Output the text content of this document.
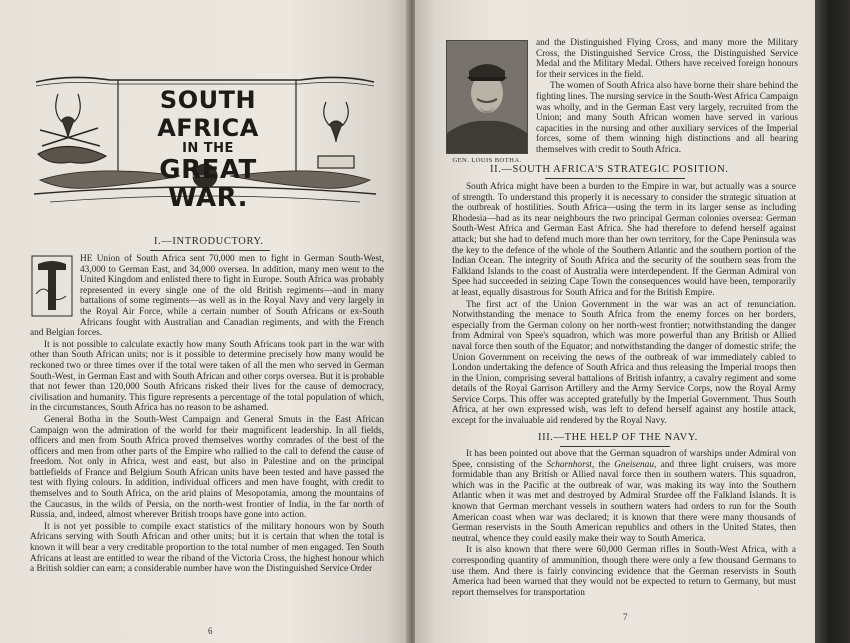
SOUTH AFRICA
IN THE
GREAT WAR.
I.—INTRODUCTORY.

HE Union of South Africa sent 70,000 men to fight in German South-West, 43,000 to German East, and 34,000 oversea. In addition, many men went to the United Kingdom and enlisted there to fight in Europe. South Africa was probably represented in every single one of the old British regiments—and in many battalions of some regiments—as well as in the Royal Navy and very largely in the Royal Air Force, while a certain number of South Africans or ex-South Africans fought with Australian and Canadian regiments, and with the French and Belgian forces.

It is not possible to calculate exactly how many South Africans took part in the war with other than South African units; nor is it possible to determine precisely how many would be reckoned two or three times over if the total were taken of all the men who served in German South-West, in German East and with South African and other corps oversea. But it is probable that not fewer than 120,000 South Africans risked their lives for the cause of democracy, civilisation and humanity. This figure represents a percentage of the total population of which, in the circumstances, South Africa has no reason to be ashamed.

General Botha in the South-West Campaign and General Smuts in the East African Campaign won the admiration of the world for their magnificent leadership. In all fields, officers and men from South Africa proved themselves worthy comrades of the best of the officers and men from other parts of the Empire who rallied to the call to defend the cause of freedom. Not only in Africa, west and east, but also in Palestine and on the principal battlefields of France and Belgium South African units have been tested and have passed the test with flying colours. In addition, individual officers and men have fought, with credit to themselves and to South Africa, on the arid plains of Mesopotamia, among the mountains of the Caucasus, in the wilds of Persia, on the north-west frontier of India, in the far north of Russia, and, indeed, almost wherever British troops have gone into action.

It is not yet possible to compile exact statistics of the military honours won by South Africans serving with South African and other units; but it is certain that when the total is known it will bear a very creditable proportion to the total number of men engaged. Ten South Africans at least are entitled to wear the riband of the Victoria Cross, the highest honour which a British soldier can earn; a considerable number have won the Distinguished Service Order

6
GEN. LOUIS BOTHA.

and the Distinguished Flying Cross, and many more the Military Cross, the Distinguished Service Cross, the Distinguished Service Medal and the Military Medal. Others have received foreign honours for their services in the field.

The women of South Africa also have borne their share behind the fighting lines. The nursing service in the South-West Africa Campaign was wholly, and in the German East very largely, recruited from the Union; and many South African women have served in various capacities in the nursing and other auxiliary services of the Imperial forces, some of them winning high distinctions and all bearing themselves with credit to South Africa.

II.—SOUTH AFRICA'S STRATEGIC POSITION.

South Africa might have been a burden to the Empire in war, but actually was a source of strength. To understand this properly it is necessary to consider the strategic situation at the outbreak of hostilities. South Africa—using the term in its larger sense as including Rhodesia—had as its near neighbours the two principal German colonies oversea: German South-West Africa and German East Africa. She had therefore to defend herself against attack; but she had to defend much more than her own territory, for the Cape Peninsula was the key to the defence of the whole of the Southern Atlantic and the southern portion of the Indian Ocean. The integrity of South Africa and the security of the southern seas from the Falkland Islands to the coast of Australia were interdependent. If the German Admiral von Spee had succeeded in seizing Cape Town the consequences would have been, temporarily at least, equally disastrous for South Africa and for the British Empire.

The first act of the Union Government in the war was an act of renunciation. Notwithstanding the menace to South Africa from the enemy forces on her borders, especially from the German colony on her north-west frontier; notwithstanding the danger from Admiral von Spee's squadron, which was more powerful than any British or Allied naval force then south of the Equator; and notwithstanding the danger of domestic strife; the Union Government on receiving the news of the outbreak of war immediately cabled to London undertaking the defence of South Africa and thus releasing the Imperial troops then in the Union, comprising several battalions of British infantry, a cavalry regiment and some details of the Royal Garrison Artillery and the Army Service Corps, now the Royal Army Service Corps. This offer was accepted gratefully by the Imperial Government. Thus South Africa, at her own expressed wish, was left to defend herself against any hostile attack, except for the invaluable aid rendered by the Royal Navy.

III.—THE HELP OF THE NAVY.

It has been pointed out above that the German squadron of warships under Admiral von Spee, consisting of the Scharnhorst, the Gneisenau, and three light cruisers, was more formidable than any British or Allied naval force then in southern waters. This squadron, which was in the Pacific at the outbreak of war, was making its way into the Southern Atlantic when it was met and destroyed by Admiral Sturdee off the Falkland Islands. It is known that German merchant vessels in southern waters had orders to run for the South American coast when war was declared; it is known that there were many thousands of German reservists in the South American republics and others in the United States, then neutral, whence they could easily make their way to South America.

It is also known that there were 60,000 German rifles in South-West Africa, with a corresponding quantity of ammunition, though there were only a few thousand Germans to use them. And there is fairly convincing evidence that the German reservists in South America had been warned that they would not be expected to return to Germany, but must report themselves for transportation

7
